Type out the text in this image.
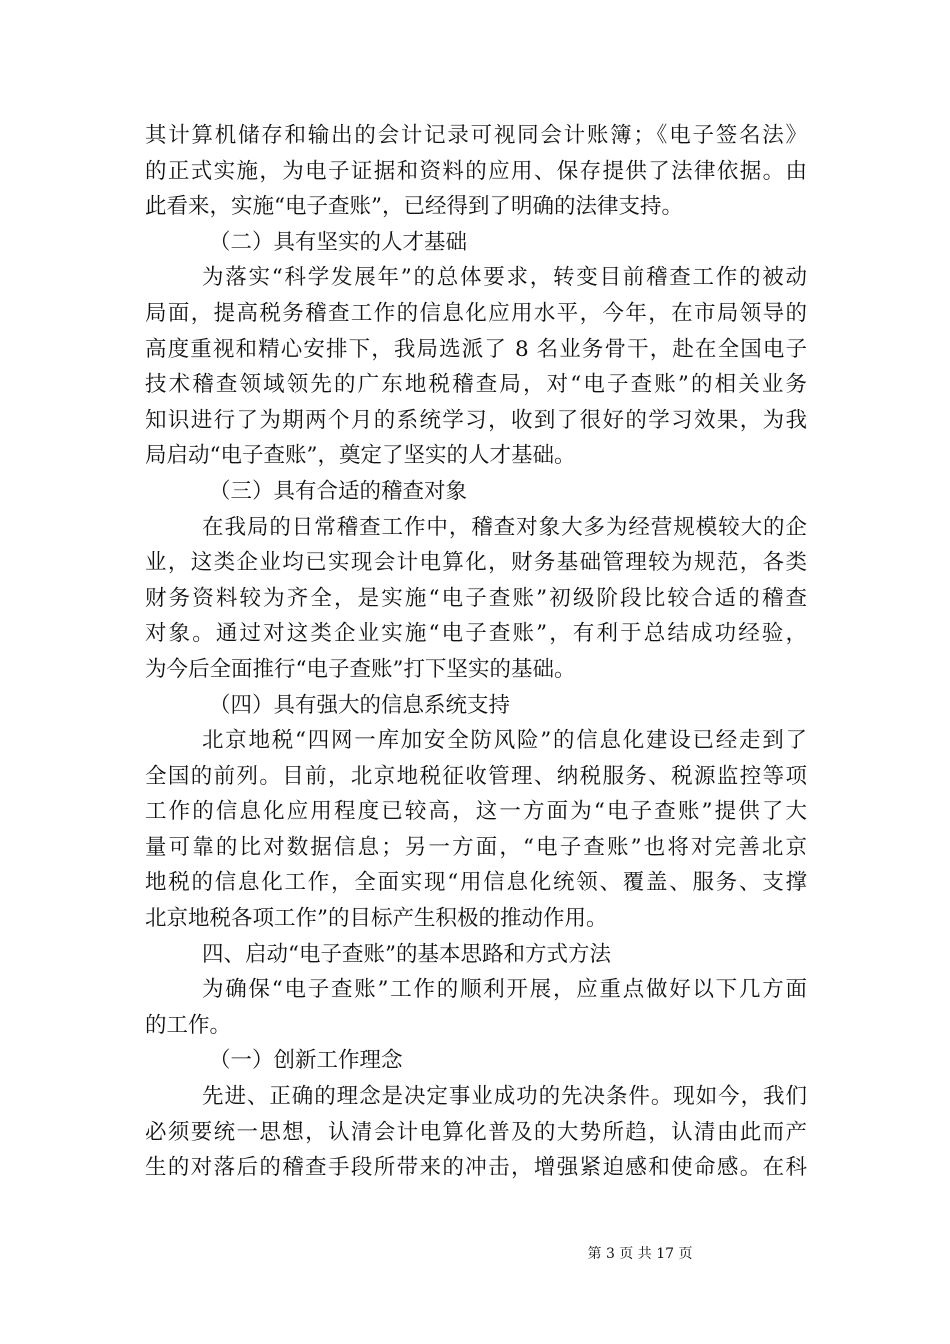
其计算机储存和输出的会计记录可视同会计账簿；《电子签名法》
的正式实施，为电子证据和资料的应用、保存提供了法律依据。由
此看来，实施“电子查账”，已经得到了明确的法律支持。
（二）具有坚实的人才基础
为落实“科学发展年”的总体要求，转变目前稽查工作的被动
局面，提高税务稽查工作的信息化应用水平，今年，在市局领导的
高度重视和精心安排下，我局选派了 8 名业务骨干，赴在全国电子
技术稽查领域领先的广东地税稽查局，对“电子查账”的相关业务
知识进行了为期两个月的系统学习，收到了很好的学习效果，为我
局启动“电子查账”，奠定了坚实的人才基础。
（三）具有合适的稽查对象
在我局的日常稽查工作中，稽查对象大多为经营规模较大的企
业，这类企业均已实现会计电算化，财务基础管理较为规范，各类
财务资料较为齐全，是实施“电子查账”初级阶段比较合适的稽查
对象。通过对这类企业实施“电子查账”，有利于总结成功经验，
为今后全面推行“电子查账”打下坚实的基础。
（四）具有强大的信息系统支持
北京地税“四网一库加安全防风险”的信息化建设已经走到了
全国的前列。目前，北京地税征收管理、纳税服务、税源监控等项
工作的信息化应用程度已较高，这一方面为“电子查账”提供了大
量可靠的比对数据信息；另一方面，“电子查账”也将对完善北京
地税的信息化工作，全面实现“用信息化统领、覆盖、服务、支撑
北京地税各项工作”的目标产生积极的推动作用。
四、启动“电子查账”的基本思路和方式方法
为确保“电子查账”工作的顺利开展，应重点做好以下几方面
的工作。
（一）创新工作理念
先进、正确的理念是决定事业成功的先决条件。现如今，我们
必须要统一思想，认清会计电算化普及的大势所趋，认清由此而产
生的对落后的稽查手段所带来的冲击，增强紧迫感和使命感。在科
第 3 页 共 17 页
